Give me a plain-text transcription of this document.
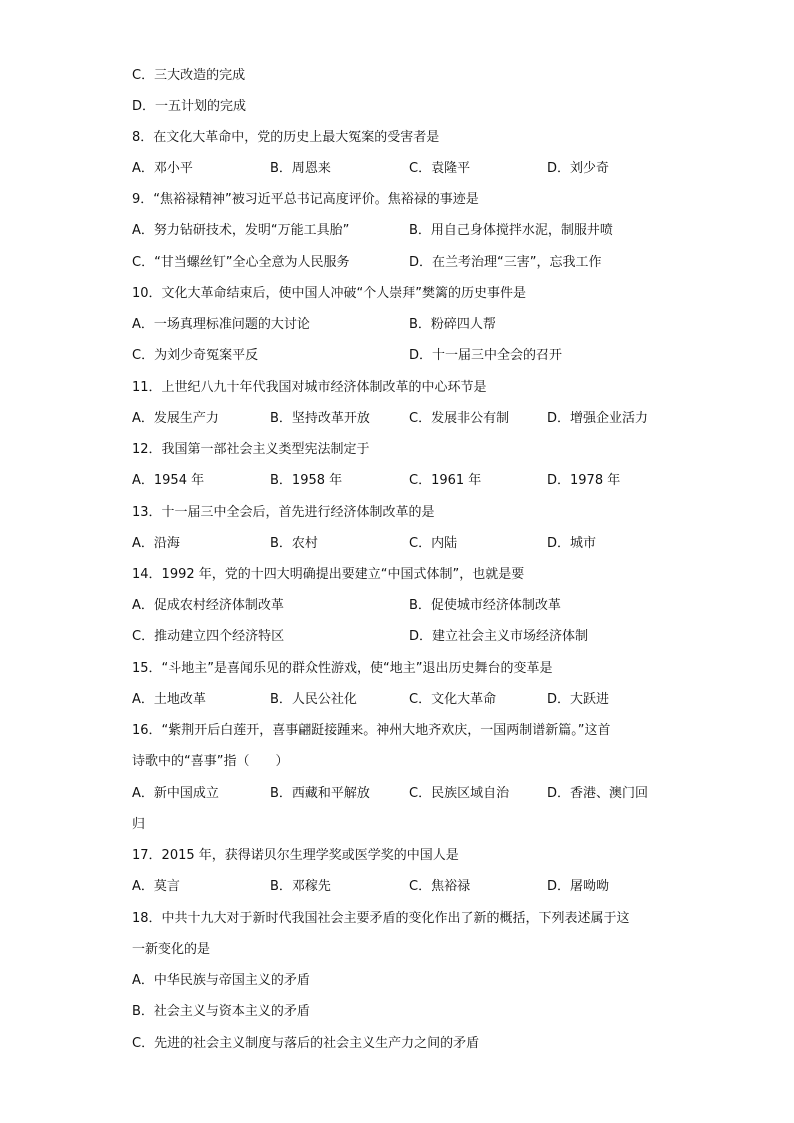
C．三大改造的完成
D．一五计划的完成
8．在文化大革命中，党的历史上最大冤案的受害者是
A．邓小平	B．周恩来	C．袁隆平	D．刘少奇
9．“焦裕禄精神”被习近平总书记高度评价。焦裕禄的事迹是
A．努力钻研技术，发明“万能工具胎”	B．用自己身体搅拌水泥，制服井喷
C．“甘当螺丝钉”全心全意为人民服务	D．在兰考治理“三害”，忘我工作
10．文化大革命结束后，使中国人冲破“个人崇拜”樊篱的历史事件是
A．一场真理标准问题的大讨论	B．粉碎四人帮
C．为刘少奇冤案平反	D．十一届三中全会的召开
11．上世纪八九十年代我国对城市经济体制改革的中心环节是
A．发展生产力	B．坚持改革开放	C．发展非公有制	D．增强企业活力
12．我国第一部社会主义类型宪法制定于
A．1954 年	B．1958 年	C．1961 年	D．1978 年
13．十一届三中全会后，首先进行经济体制改革的是
A．沿海	B．农村	C．内陆	D．城市
14．1992 年，党的十四大明确提出要建立“中国式体制”，也就是要
A．促成农村经济体制改革	B．促使城市经济体制改革
C．推动建立四个经济特区	D．建立社会主义市场经济体制
15．“斗地主”是喜闻乐见的群众性游戏，使“地主”退出历史舞台的变革是
A．土地改革	B．人民公社化	C．文化大革命	D．大跃进
16．“紫荆开后白莲开，喜事翩跹接踵来。神州大地齐欢庆，一国两制谱新篇。”这首
诗歌中的“喜事”指（　　）
A．新中国成立	B．西藏和平解放	C．民族区域自治	D．香港、澳门回
归
17．2015 年，获得诺贝尔生理学奖或医学奖的中国人是
A．莫言	B．邓稼先	C．焦裕禄	D．屠呦呦
18．中共十九大对于新时代我国社会主要矛盾的变化作出了新的概括，下列表述属于这
一新变化的是
A．中华民族与帝国主义的矛盾
B．社会主义与资本主义的矛盾
C．先进的社会主义制度与落后的社会主义生产力之间的矛盾
